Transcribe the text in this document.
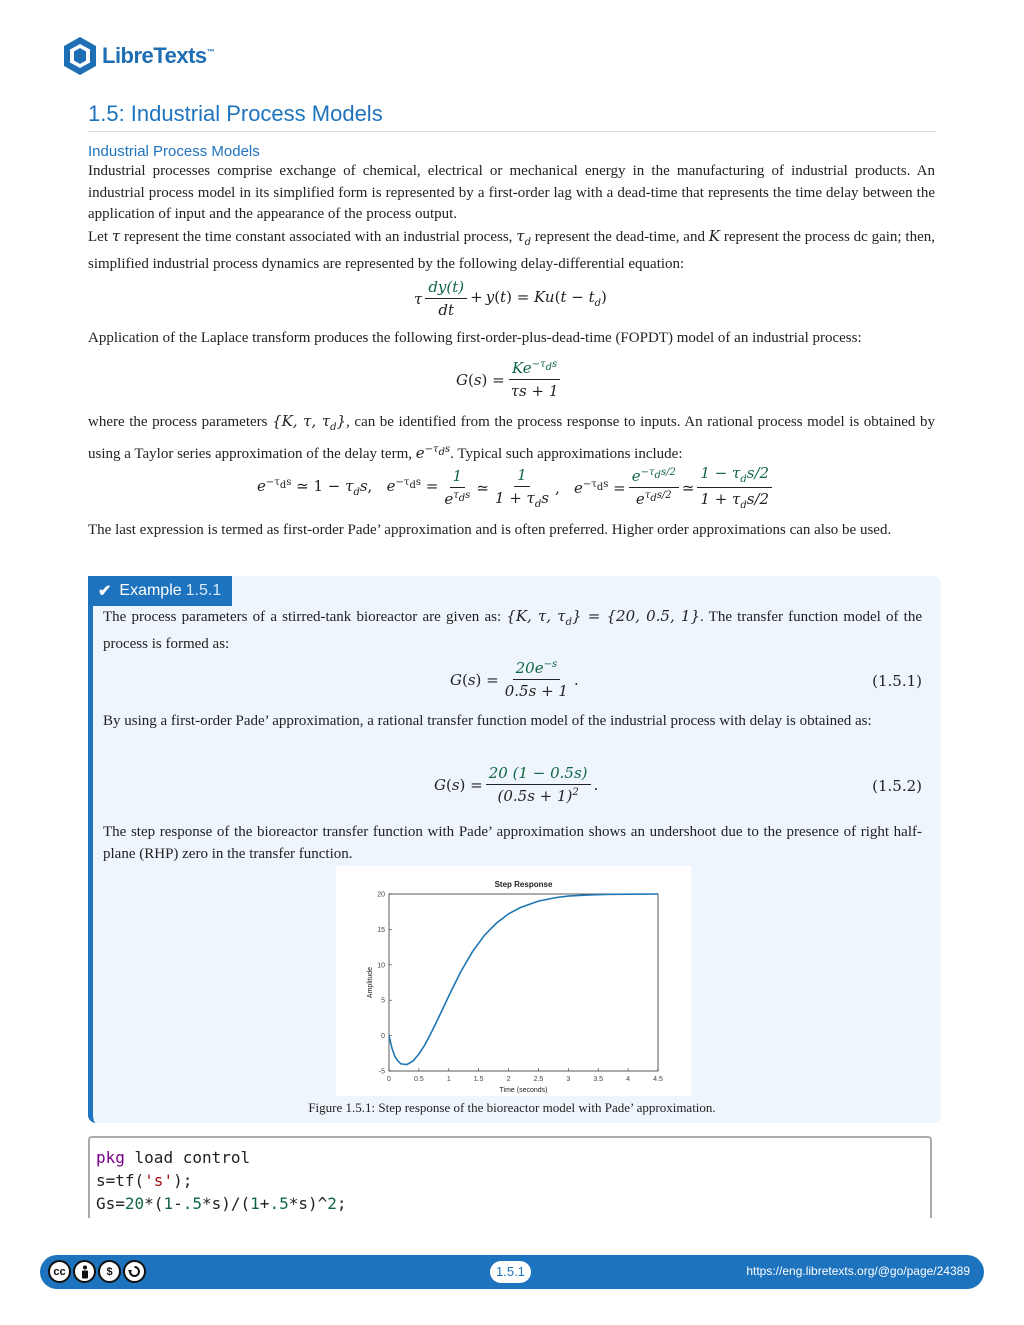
LibreTexts™
1.5: Industrial Process Models
Industrial Process Models

Industrial processes comprise exchange of chemical, electrical or mechanical energy in the manufacturing of industrial products. An industrial process model in its simplified form is represented by a first-order lag with a dead-time that represents the time delay between the application of input and the appearance of the process output.

Let τ represent the time constant associated with an industrial process, $\tau_d$ represent the dead-time, and K represent the process dc gain; then, simplified industrial process dynamics are represented by the following delay-differential equation:

τ $\frac{dy(t)}{dt} + y(t) = Ku(t - t_d)$

Application of the Laplace transform produces the following first-order-plus-dead-time (FOPDT) model of an industrial process:

$G(s) = \frac{Ke^{-\tau_ds}}{\tau s + 1}$

where the process parameters {K, τ, $\tau_d$}, can be identified from the process response to inputs. An rational process model is obtained by using a Taylor series approximation of the delay term, $e^{-\tau_ds}$. Typical such approximations include:

$e^{-\tau_ds}$ ≃ $1 - \tau_ds$,   $e^{-\tau_ds} = \frac{1}{e^{\tau_ds}}$ ≃ $\frac{1}{1 + \tau_ds}$ ,   $e^{-\tau_ds} = \frac{e^{-\tau_ds/2}}{e^{\tau_ds/2}}$ ≃ $\frac{1 - \tau_ds/2}{1 + \tau_ds/2}$

The last expression is termed as first-order Pade’ approximation and is often preferred. Higher order approximations can also be used.

✔ Example 1.5.1

The process parameters of a stirred-tank bioreactor are given as: {K, τ, $\tau_d\} = \{20$, 0.5, 1}. The transfer function model of the process is formed as:

$G(s) = \frac{20e^{-s}}{0.5s + 1}$ .	(1.5.1)

By using a first-order Pade’ approximation, a rational transfer function model of the industrial process with delay is obtained as:

$G(s) = \frac{20 (1 - 0.5s)}{(0.5s + 1)^2}$ .	(1.5.2)

The step response of the bioreactor transfer function with Pade’ approximation shows an undershoot due to the presence of right half-plane (RHP) zero in the transfer function.

Step Response
0	0.5	1	1.5	2	2.5	3	3.5	4	4.5
-5
0
5
10
15
20
Time (seconds)
Amplitude
Figure 1.5.1: Step response of the bioreactor model with Pade’ approximation.
pkg load control
s=tf('s');
Gs=20*(1-.5*s)/(1+.5*s)^2;
cc	$	1.5.1	https://eng.libretexts.org/@go/page/24389
